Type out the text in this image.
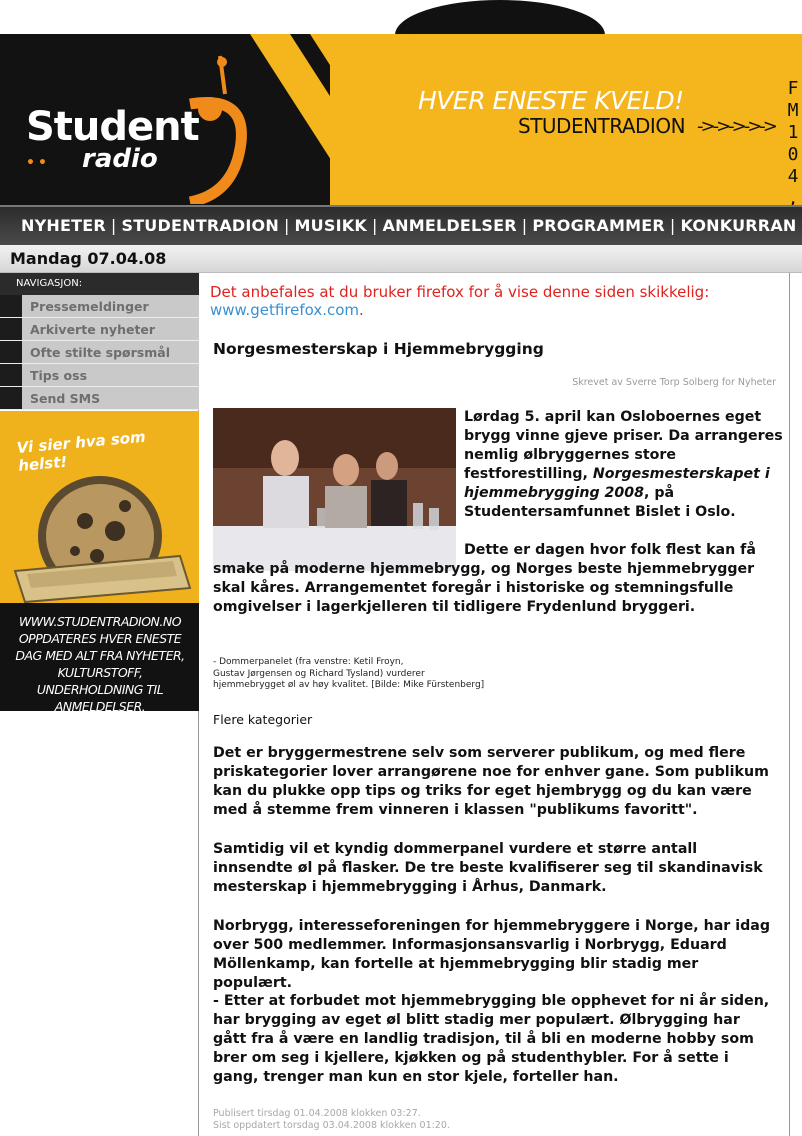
Student
•• radio
HVER ENESTE KVELD!
STUDENTRADION ->->->->->
F
M
1
0
4
,
NYHETER | STUDENTRADION | MUSIKK | ANMELDELSER | PROGRAMMER | KONKURRAN
Mandag 07.04.08
NAVIGASJON:
Pressemeldinger
Arkiverte nyheter
Ofte stilte spørsmål
Tips oss
Send SMS
Vi sier hva som helst!
WWW.STUDENTRADION.NO OPPDATERES HVER ENESTE DAG MED ALT FRA NYHETER, KULTURSTOFF, UNDERHOLDNING TIL ANMELDELSER.
Det anbefales at du bruker firefox for å vise denne siden skikkelig: www.getfirefox.com.
Norgesmesterskap i Hjemmebrygging
Skrevet av Sverre Torp Solberg for Nyheter
Lørdag 5. april kan Osloboernes eget brygg vinne gjeve priser. Da arrangeres nemlig ølbryggernes store festforestilling, Norgesmesterskapet i hjemmebrygging 2008, på Studentersamfunnet Bislet i Oslo.
Dette er dagen hvor folk flest kan få smake på moderne hjemmebrygg, og Norges beste hjemmebrygger skal kåres. Arrangementet foregår i historiske og stemningsfulle omgivelser i lagerkjelleren til tidligere Frydenlund bryggeri.
- Dommerpanelet (fra venstre: Ketil Froyn,
Gustav Jørgensen og Richard Tysland) vurderer
hjemmebrygget øl av høy kvalitet. [Bilde: Mike Fürstenberg]
Flere kategorier
Det er bryggermestrene selv som serverer publikum, og med flere priskategorier lover arrangørene noe for enhver gane. Som publikum kan du plukke opp tips og triks for eget hjembrygg og du kan være med å stemme frem vinneren i klassen "publikums favoritt".
Samtidig vil et kyndig dommerpanel vurdere et større antall innsendte øl på flasker. De tre beste kvalifiserer seg til skandinavisk mesterskap i hjemmebrygging i Århus, Danmark.
Norbrygg, interesseforeningen for hjemmebryggere i Norge, har idag over 500 medlemmer. Informasjonsansvarlig i Norbrygg, Eduard Möllenkamp, kan fortelle at hjemmebrygging blir stadig mer populært.
- Etter at forbudet mot hjemmebrygging ble opphevet for ni år siden, har brygging av eget øl blitt stadig mer populært. Ølbrygging har gått fra å være en landlig tradisjon, til å bli en moderne hobby som brer om seg i kjellere, kjøkken og på studenthybler. For å sette i gang, trenger man kun en stor kjele, forteller han.
Publisert tirsdag 01.04.2008 klokken 03:27.
Sist oppdatert torsdag 03.04.2008 klokken 01:20.
